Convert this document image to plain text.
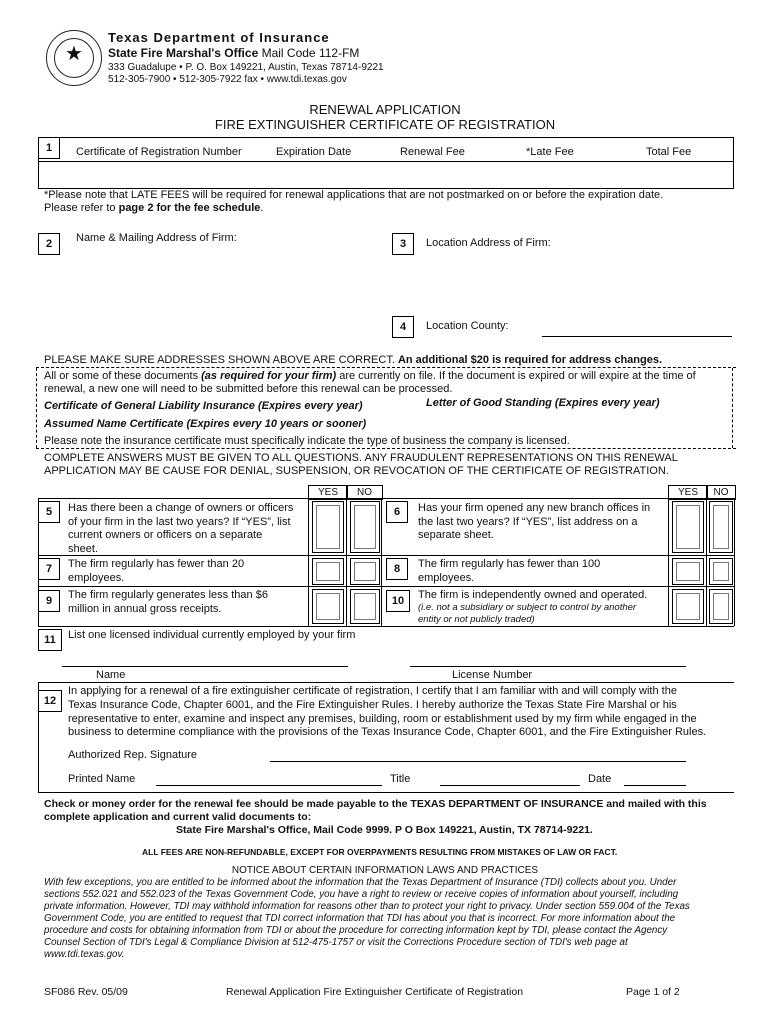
★
Texas Department of Insurance
State Fire Marshal's Office Mail Code 112-FM
333 Guadalupe • P. O. Box 149221, Austin, Texas 78714-9221
512-305-7900 • 512-305-7922 fax • www.tdi.texas.gov
RENEWAL APPLICATION
FIRE EXTINGUISHER CERTIFICATE OF REGISTRATION
1	Certificate of Registration Number	Expiration Date	Renewal Fee	*Late Fee	Total Fee
*Please note that LATE FEES will be required for renewal applications that are not postmarked on or before the expiration date.
Please refer to page 2 for the fee schedule.
2	Name & Mailing Address of Firm:	3	Location Address of Firm:
4	Location County:
PLEASE MAKE SURE ADDRESSES SHOWN ABOVE ARE CORRECT. An additional $20 is required for address changes.
All or some of these documents (as required for your firm) are currently on file. If the document is expired or will expire at the time of
renewal, a new one will need to be submitted before this renewal can be processed.
Certificate of General Liability Insurance (Expires every year)	Letter of Good Standing (Expires every year)
Assumed Name Certificate (Expires every 10 years or sooner)
Please note the insurance certificate must specifically indicate the type of business the company is licensed.
COMPLETE ANSWERS MUST BE GIVEN TO ALL QUESTIONS. ANY FRAUDULENT REPRESENTATIONS ON THIS RENEWAL
APPLICATION MAY BE CAUSE FOR DENIAL, SUSPENSION, OR REVOCATION OF THE CERTIFICATE OF REGISTRATION.
YES	NO	YES	NO
5	Has there been a change of owners or officers
of your firm in the last two years? If “YES”, list
current owners or officers on a separate
sheet.
6	Has your firm opened any new branch offices in
the last two years? If “YES”, list address on a
separate sheet.
7	The firm regularly has fewer than 20
employees.
8	The firm regularly has fewer than 100
employees.
9	The firm regularly generates less than $6
million in annual gross receipts.
10	The firm is independently owned and operated.
(i.e. not a subsidiary or subject to control by another
entity or not publicly traded)
11	List one licensed individual currently employed by your firm
Name	License Number
12
In applying for a renewal of a fire extinguisher certificate of registration, I certify that I am familiar with and will comply with the
Texas Insurance Code, Chapter 6001, and the Fire Extinguisher Rules. I hereby authorize the Texas State Fire Marshal or his
representative to enter, examine and inspect any premises, building, room or establishment used by my firm while engaged in the
business to determine compliance with the provisions of the Texas Insurance Code, Chapter 6001, and the Fire Extinguisher Rules.
Authorized Rep. Signature
Printed Name	Title	Date
Check or money order for the renewal fee should be made payable to the TEXAS DEPARTMENT OF INSURANCE and mailed with this
complete application and current valid documents to:
State Fire Marshal's Office, Mail Code 9999. P O Box 149221, Austin, TX 78714-9221.
ALL FEES ARE NON-REFUNDABLE, EXCEPT FOR OVERPAYMENTS RESULTING FROM MISTAKES OF LAW OR FACT.
NOTICE ABOUT CERTAIN INFORMATION LAWS AND PRACTICES
With few exceptions, you are entitled to be informed about the information that the Texas Department of Insurance (TDI) collects about you. Under
sections 552.021 and 552.023 of the Texas Government Code, you have a right to review or receive copies of information about yourself, including
private information. However, TDI may withhold information for reasons other than to protect your right to privacy. Under section 559.004 of the Texas
Government Code, you are entitled to request that TDI correct information that TDI has about you that is incorrect. For more information about the
procedure and costs for obtaining information from TDI or about the procedure for correcting information kept by TDI, please contact the Agency
Counsel Section of TDI's Legal & Compliance Division at 512-475-1757 or visit the Corrections Procedure section of TDI's web page at
www.tdi.texas.gov.
SF086 Rev. 05/09	Renewal Application Fire Extinguisher Certificate of Registration	Page 1 of 2
